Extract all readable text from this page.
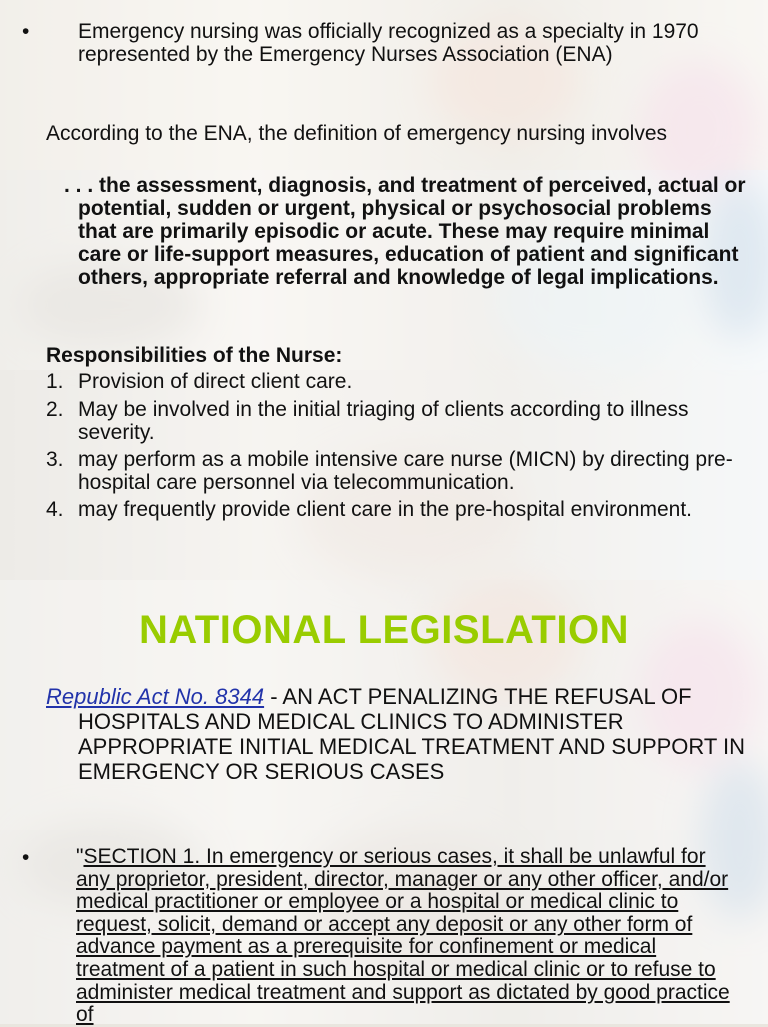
• Emergency nursing was officially recognized as a specialty in 1970 represented by the Emergency Nurses Association (ENA)
According to the ENA, the definition of emergency nursing involves
. . . the assessment, diagnosis, and treatment of perceived, actual or potential, sudden or urgent, physical or psychosocial problems that are primarily episodic or acute. These may require minimal care or life-support measures, education of patient and significant others, appropriate referral and knowledge of legal implications.
Responsibilities of the Nurse:
1. Provision of direct client care.
2. May be involved in the initial triaging of clients according to illness severity.
3. may perform as a mobile intensive care nurse (MICN) by directing pre-hospital care personnel via telecommunication.
4. may frequently provide client care in the pre-hospital environment.
NATIONAL LEGISLATION
Republic Act No. 8344 - AN ACT PENALIZING THE REFUSAL OF HOSPITALS AND MEDICAL CLINICS TO ADMINISTER APPROPRIATE INITIAL MEDICAL TREATMENT AND SUPPORT IN EMERGENCY OR SERIOUS CASES
• "SECTION 1. In emergency or serious cases, it shall be unlawful for any proprietor, president, director, manager or any other officer, and/or medical practitioner or employee or a hospital or medical clinic to request, solicit, demand or accept any deposit or any other form of advance payment as a prerequisite for confinement or medical treatment of a patient in such hospital or medical clinic or to refuse to administer medical treatment and support as dictated by good practice of
